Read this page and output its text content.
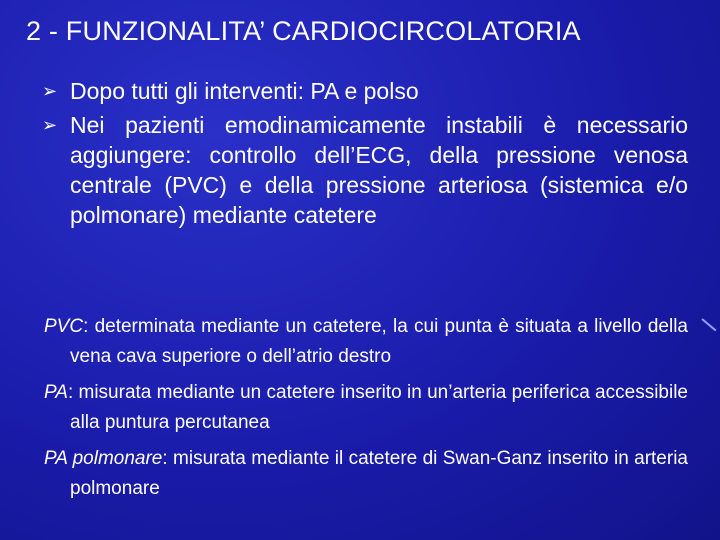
2 - FUNZIONALITA’ CARDIOCIRCOLATORIA
➢ Dopo tutti gli interventi: PA e polso
➢ Nei pazienti emodinamicamente instabili è necessario aggiungere: controllo dell’ECG, della pressione venosa centrale (PVC) e della pressione arteriosa (sistemica e/o polmonare) mediante catetere
PVC: determinata mediante un catetere, la cui punta è situata a livello della vena cava superiore o dell’atrio destro
PA: misurata mediante un catetere inserito in un’arteria periferica accessibile alla puntura percutanea
PA polmonare: misurata mediante il catetere di Swan-Ganz inserito in arteria polmonare
